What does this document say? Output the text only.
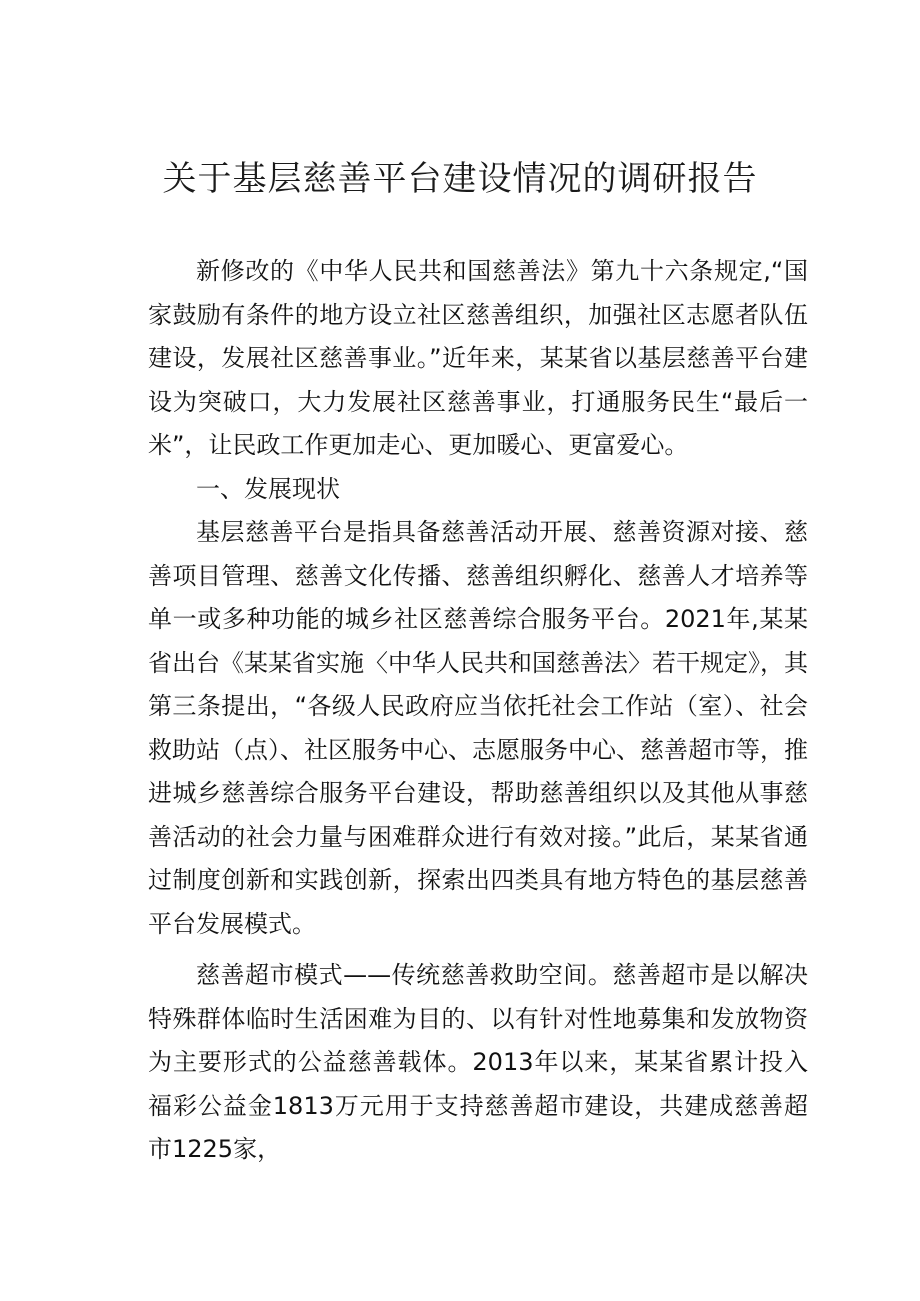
关于基层慈善平台建设情况的调研报告

新修改的《中华人民共和国慈善法》第九十六条规定,“国家鼓励有条件的地方设立社区慈善组织，加强社区志愿者队伍建设，发展社区慈善事业。”近年来，某某省以基层慈善平台建设为突破口，大力发展社区慈善事业，打通服务民生“最后一米”，让民政工作更加走心、更加暖心、更富爱心。

一、发展现状

基层慈善平台是指具备慈善活动开展、慈善资源对接、慈善项目管理、慈善文化传播、慈善组织孵化、慈善人才培养等单一或多种功能的城乡社区慈善综合服务平台。2021年,某某省出台《某某省实施〈中华人民共和国慈善法〉若干规定》，其第三条提出，“各级人民政府应当依托社会工作站（室）、社会救助站（点）、社区服务中心、志愿服务中心、慈善超市等，推进城乡慈善综合服务平台建设，帮助慈善组织以及其他从事慈善活动的社会力量与困难群众进行有效对接。”此后，某某省通过制度创新和实践创新，探索出四类具有地方特色的基层慈善平台发展模式。

慈善超市模式——传统慈善救助空间。慈善超市是以解决特殊群体临时生活困难为目的、以有针对性地募集和发放物资为主要形式的公益慈善载体。2013年以来，某某省累计投入福彩公益金1813万元用于支持慈善超市建设，共建成慈善超市1225家，
